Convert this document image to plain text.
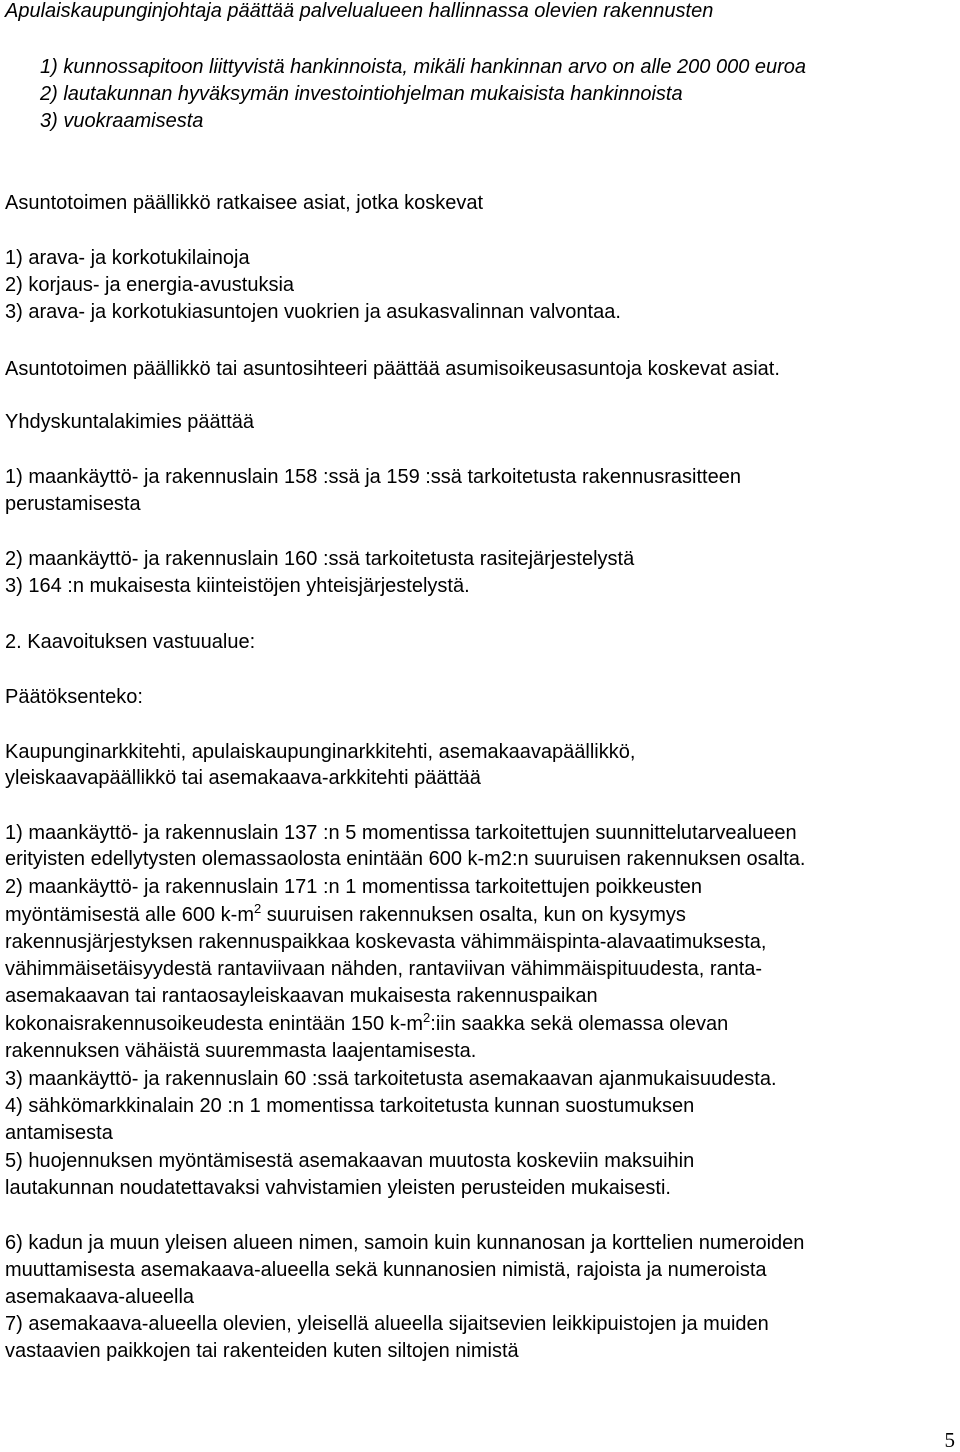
Apulaiskaupunginjohtaja päättää palvelualueen hallinnassa olevien rakennusten
1) kunnossapitoon liittyvistä hankinnoista, mikäli hankinnan arvo on alle 200 000 euroa
2) lautakunnan hyväksymän investointiohjelman mukaisista hankinnoista
3) vuokraamisesta
Asuntotoimen päällikkö ratkaisee asiat, jotka koskevat
1) arava- ja korkotukilainoja
2) korjaus- ja energia-avustuksia
3) arava- ja korkotukiasuntojen vuokrien ja asukasvalinnan valvontaa.
Asuntotoimen päällikkö tai asuntosihteeri päättää asumisoikeusasuntoja koskevat asiat.
Yhdyskuntalakimies päättää
1) maankäyttö- ja rakennuslain 158 :ssä ja 159 :ssä tarkoitetusta rakennusrasitteen
perustamisesta
2) maankäyttö- ja rakennuslain 160 :ssä tarkoitetusta rasitejärjestelystä
3) 164 :n mukaisesta kiinteistöjen yhteisjärjestelystä.
2. Kaavoituksen vastuualue:
Päätöksenteko:
Kaupunginarkkitehti, apulaiskaupunginarkkitehti, asemakaavapäällikkö,
yleiskaavapäällikkö tai asemakaava-arkkitehti päättää
1) maankäyttö- ja rakennuslain 137 :n 5 momentissa tarkoitettujen suunnittelutarvealueen
erityisten edellytysten olemassaolosta enintään 600 k-m2:n suuruisen rakennuksen osalta.
2) maankäyttö- ja rakennuslain 171 :n 1 momentissa tarkoitettujen poikkeusten
myöntämisestä alle 600 $k-m^2$ suuruisen rakennuksen osalta, kun on kysymys
rakennusjärjestyksen rakennuspaikkaa koskevasta vähimmäispinta-alavaatimuksesta,
vähimmäisetäisyydestä rantaviivaan nähden, rantaviivan vähimmäispituudesta, ranta-
asemakaavan tai rantaosayleiskaavan mukaisesta rakennuspaikan
kokonaisrakennusoikeudesta enintään 150 $k-m^2:iin$ saakka sekä olemassa olevan
rakennuksen vähäistä suuremmasta laajentamisesta.
3) maankäyttö- ja rakennuslain 60 :ssä tarkoitetusta asemakaavan ajanmukaisuudesta.
4) sähkömarkkinalain 20 :n 1 momentissa tarkoitetusta kunnan suostumuksen
antamisesta
5) huojennuksen myöntämisestä asemakaavan muutosta koskeviin maksuihin
lautakunnan noudatettavaksi vahvistamien yleisten perusteiden mukaisesti.
6) kadun ja muun yleisen alueen nimen, samoin kuin kunnanosan ja korttelien numeroiden
muuttamisesta asemakaava-alueella sekä kunnanosien nimistä, rajoista ja numeroista
asemakaava-alueella
7) asemakaava-alueella olevien, yleisellä alueella sijaitsevien leikkipuistojen ja muiden
vastaavien paikkojen tai rakenteiden kuten siltojen nimistä
5
